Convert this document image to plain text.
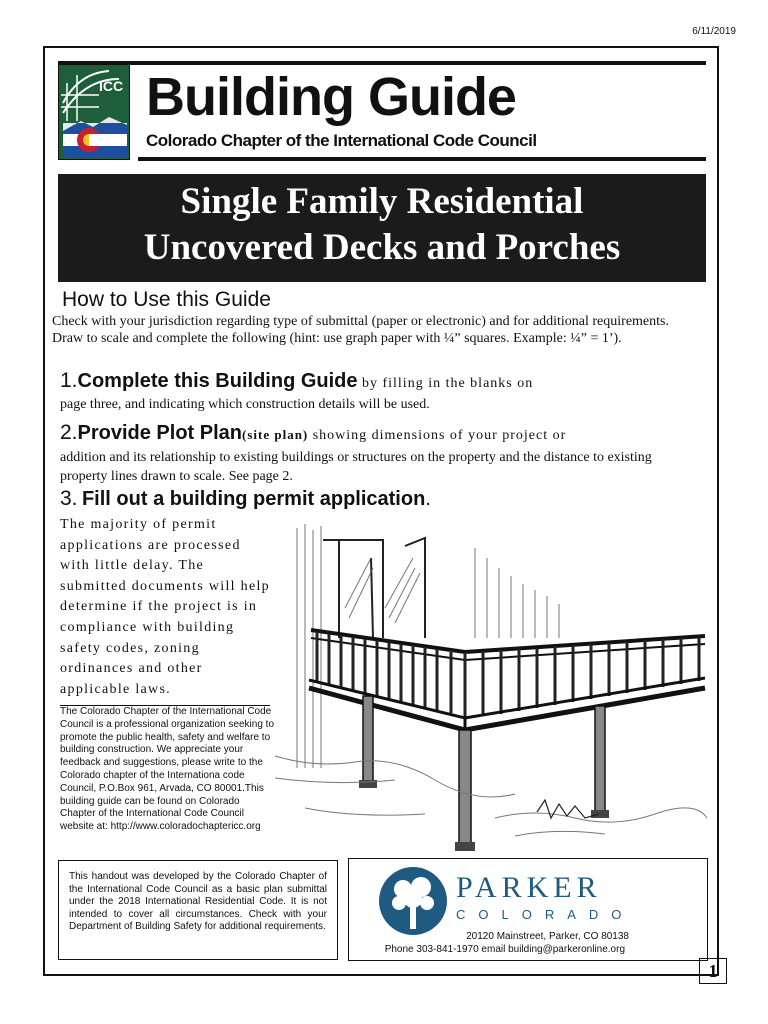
6/11/2019
ICC Building Guide
Colorado Chapter of the International Code Council
Single Family Residential
Uncovered Decks and Porches
How to Use this Guide
Check with your jurisdiction regarding type of submittal (paper or electronic) and for additional requirements. Draw to scale and complete the following (hint: use graph paper with ¼” squares. Example: ¼” = 1’).
1.Complete this Building Guide by filling in the blanks on
page three, and indicating which construction details will be used.
2.Provide Plot Plan(site plan) showing dimensions of your project or
addition and its relationship to existing buildings or structures on the property and the distance to existing property lines drawn to scale. See page 2.
3. Fill out a building permit application.
The majority of permit applications are processed with little delay. The submitted documents will help determine if the project is in compliance with building safety codes, zoning ordinances and other applicable laws.
The Colorado Chapter of the International Code Council is a professional organization seeking to promote the public health, safety and welfare to building construction. We appreciate your feedback and suggestions, please write to the Colorado chapter of the Internationa code Council, P.O.Box 961, Arvada, CO 80001.This building guide can be found on Colorado Chapter of the International Code Council website at: http://www.coloradochaptericc.org
This handout was developed by the Colorado Chapter of the International Code Council as a basic plan submittal under the 2018 International Residential Code. It is not intended to cover all circumstances. Check with your Department of Building Safety for additional requirements.
PARKER
COLORADO
20120 Mainstreet, Parker, CO 80138
Phone 303-841-1970 email building@parkeronline.org
1
